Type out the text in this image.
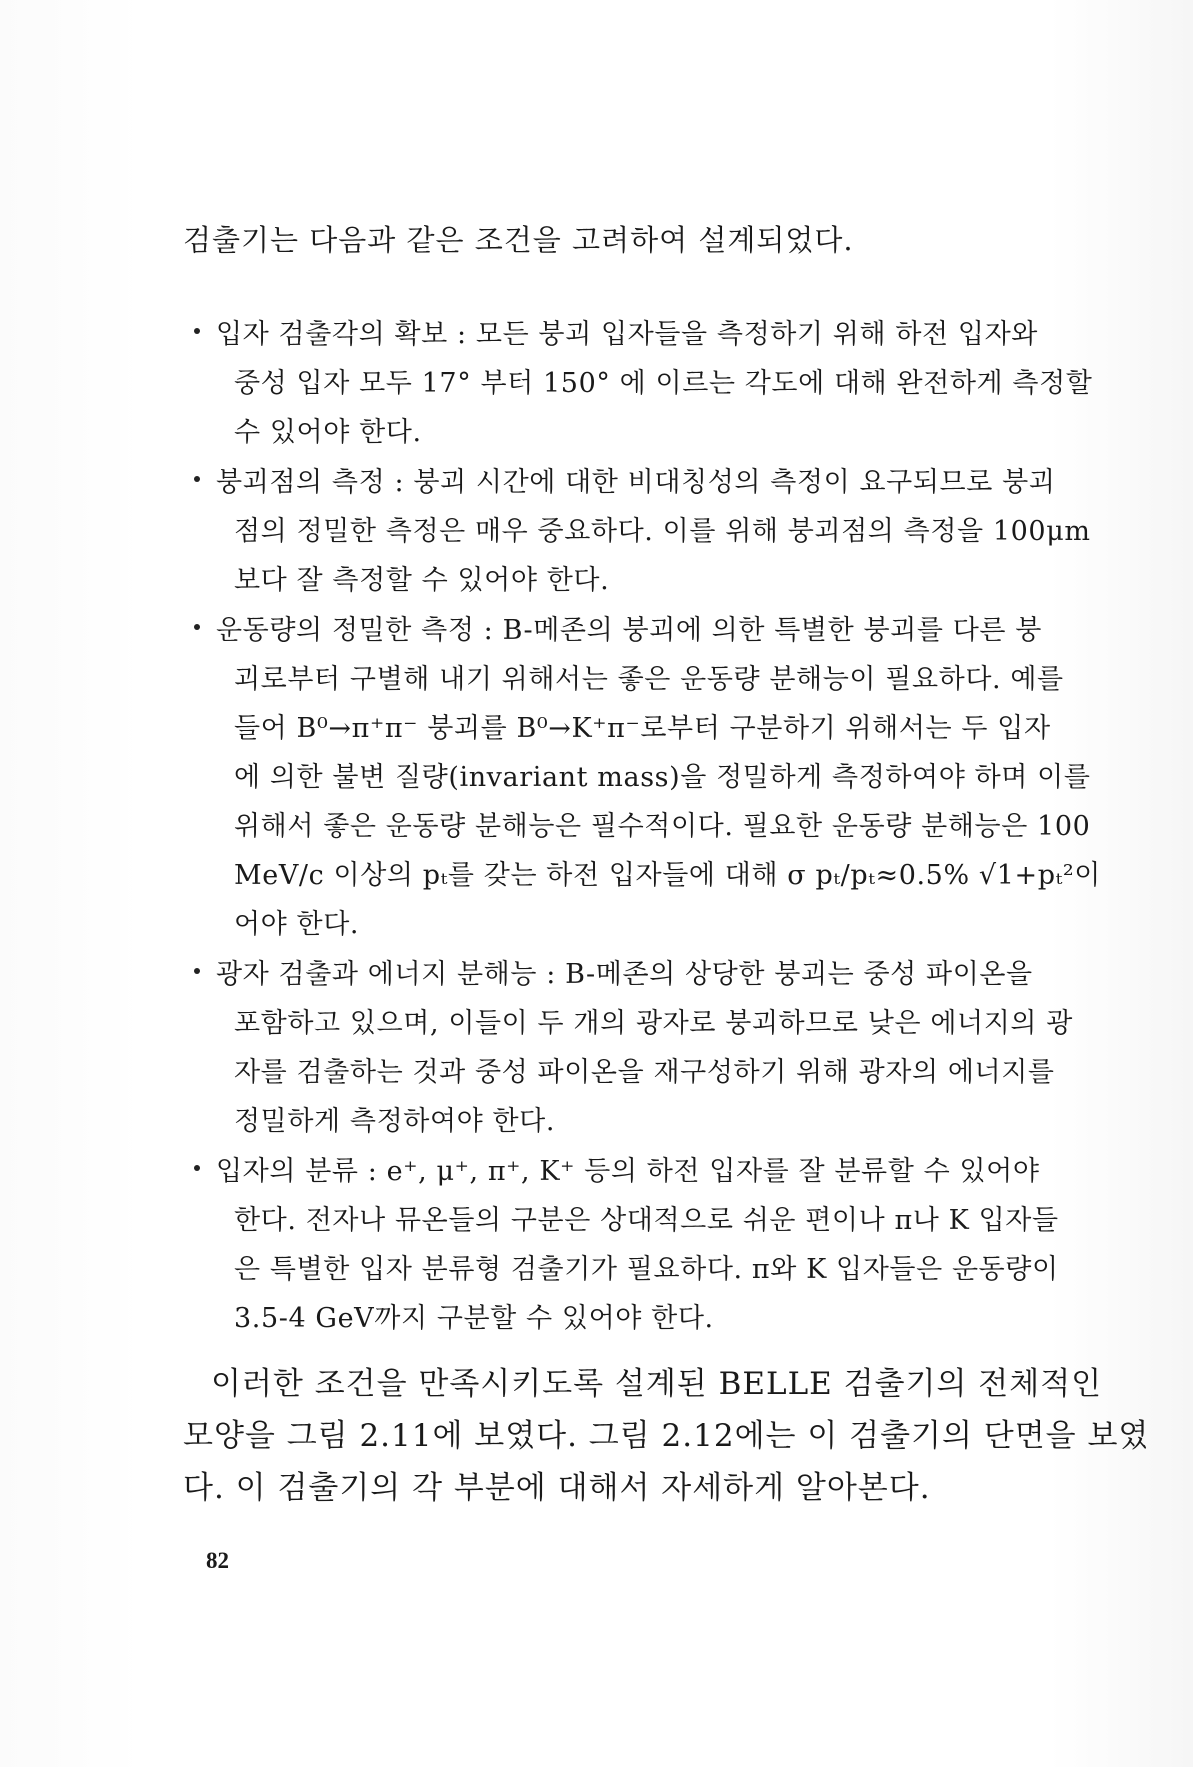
검출기는 다음과 같은 조건을 고려하여 설계되었다.
입자 검출각의 확보 : 모든 붕괴 입자들을 측정하기 위해 하전 입자와
중성 입자 모두 17° 부터 150° 에 이르는 각도에 대해 완전하게 측정할
수 있어야 한다.
붕괴점의 측정 : 붕괴 시간에 대한 비대칭성의 측정이 요구되므로 붕괴
점의 정밀한 측정은 매우 중요하다. 이를 위해 붕괴점의 측정을 100μm
보다 잘 측정할 수 있어야 한다.
운동량의 정밀한 측정 : B-메존의 붕괴에 의한 특별한 붕괴를 다른 붕
괴로부터 구별해 내기 위해서는 좋은 운동량 분해능이 필요하다. 예를
들어 B⁰→π⁺π⁻ 붕괴를 B⁰→K⁺π⁻로부터 구분하기 위해서는 두 입자
에 의한 불변 질량(invariant mass)을 정밀하게 측정하여야 하며 이를
위해서 좋은 운동량 분해능은 필수적이다. 필요한 운동량 분해능은 100
MeV/c 이상의 pₜ를 갖는 하전 입자들에 대해 σ pₜ/pₜ≈0.5% √1+pₜ²이
어야 한다.
광자 검출과 에너지 분해능 : B-메존의 상당한 붕괴는 중성 파이온을
포함하고 있으며, 이들이 두 개의 광자로 붕괴하므로 낮은 에너지의 광
자를 검출하는 것과 중성 파이온을 재구성하기 위해 광자의 에너지를
정밀하게 측정하여야 한다.
입자의 분류 : e⁺, μ⁺, π⁺, K⁺ 등의 하전 입자를 잘 분류할 수 있어야
한다. 전자나 뮤온들의 구분은 상대적으로 쉬운 편이나 π나 K 입자들
은 특별한 입자 분류형 검출기가 필요하다. π와 K 입자들은 운동량이
3.5-4 GeV까지 구분할 수 있어야 한다.
이러한 조건을 만족시키도록 설계된 BELLE 검출기의 전체적인
모양을 그림 2.11에 보였다. 그림 2.12에는 이 검출기의 단면을 보였
다. 이 검출기의 각 부분에 대해서 자세하게 알아본다.
82
